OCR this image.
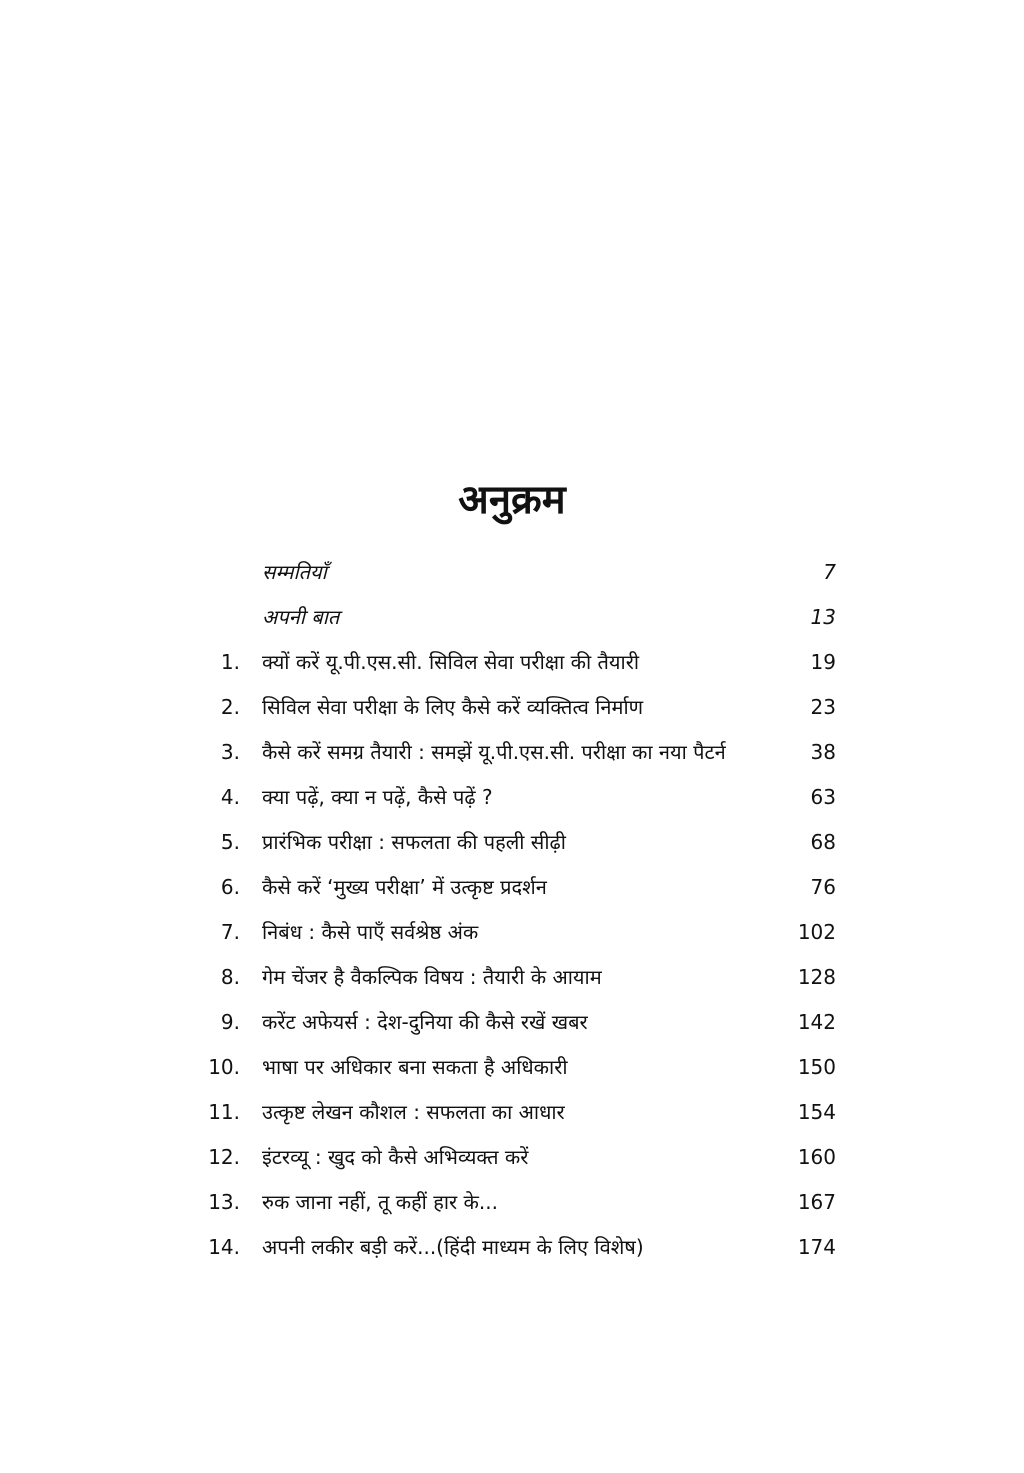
अनुक्रम
सम्मतियाँ	7
अपनी बात	13
1. क्यों करें यू.पी.एस.सी. सिविल सेवा परीक्षा की तैयारी	19
2. सिविल सेवा परीक्षा के लिए कैसे करें व्यक्तित्व निर्माण	23
3. कैसे करें समग्र तैयारी : समझें यू.पी.एस.सी. परीक्षा का नया पैटर्न	38
4. क्या पढ़ें, क्या न पढ़ें, कैसे पढ़ें ?	63
5. प्रारंभिक परीक्षा : सफलता की पहली सीढ़ी	68
6. कैसे करें ‘मुख्य परीक्षा’ में उत्कृष्ट प्रदर्शन	76
7. निबंध : कैसे पाएँ सर्वश्रेष्ठ अंक	102
8. गेम चेंजर है वैकल्पिक विषय : तैयारी के आयाम	128
9. करेंट अफेयर्स : देश-दुनिया की कैसे रखें खबर	142
10. भाषा पर अधिकार बना सकता है अधिकारी	150
11. उत्कृष्ट लेखन कौशल : सफलता का आधार	154
12. इंटरव्यू : खुद को कैसे अभिव्यक्त करें	160
13. रुक जाना नहीं, तू कहीं हार के...	167
14. अपनी लकीर बड़ी करें...(हिंदी माध्यम के लिए विशेष)	174
